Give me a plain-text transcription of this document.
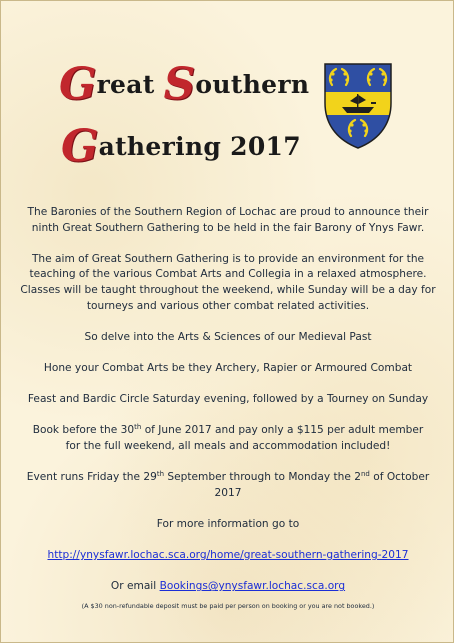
Great Southern
Gathering 2017

The Baronies of the Southern Region of Lochac are proud to announce their ninth Great Southern Gathering to be held in the fair Barony of Ynys Fawr.

The aim of Great Southern Gathering is to provide an environment for the teaching of the various Combat Arts and Collegia in a relaxed atmosphere. Classes will be taught throughout the weekend, while Sunday will be a day for tourneys and various other combat related activities.

So delve into the Arts & Sciences of our Medieval Past

Hone your Combat Arts be they Archery, Rapier or Armoured Combat

Feast and Bardic Circle Saturday evening, followed by a Tourney on Sunday

Book before the 30th of June 2017 and pay only a $115 per adult member
for the full weekend, all meals and accommodation included!

Event runs Friday the 29th September through to Monday the 2nd of October 2017

For more information go to

http://ynysfawr.lochac.sca.org/home/great-southern-gathering-2017

Or email Bookings@ynysfawr.lochac.sca.org

(A $30 non-refundable deposit must be paid per person on booking or you are not booked.)
